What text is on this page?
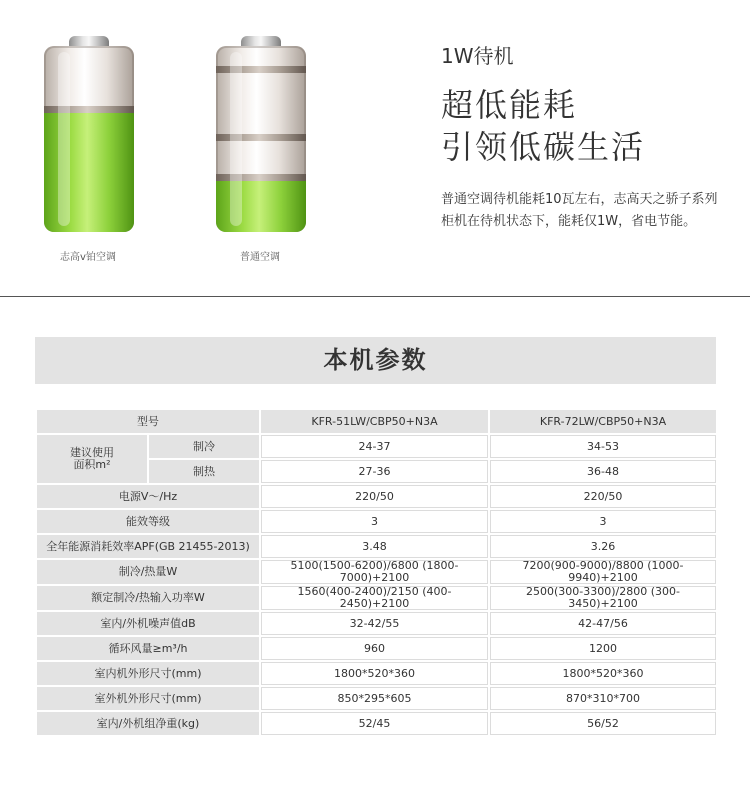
志高v铂空调	普通空调
1W待机
超低能耗
引领低碳生活
普通空调待机能耗10瓦左右，志高天之骄子系列柜机在待机状态下，能耗仅1W，省电节能。
本机参数
型号		KFR-51LW/CBP50+N3A	KFR-72LW/CBP50+N3A
建议使用
面积m²	制冷	24-37	34-53
	制热	27-36	36-48
电源V～/Hz		220/50	220/50
能效等级		3	3
全年能源消耗效率APF(GB 21455-2013)		3.48	3.26
制冷/热量W		5100(1500-6200)/6800 (1800-7000)+2100	7200(900-9000)/8800 (1000-9940)+2100
额定制冷/热输入功率W		1560(400-2400)/2150 (400-2450)+2100	2500(300-3300)/2800 (300-3450)+2100
室内/外机噪声值dB		32-42/55	42-47/56
循环风量≥m³/h		960	1200
室内机外形尺寸(mm)		1800*520*360	1800*520*360
室外机外形尺寸(mm)		850*295*605	870*310*700
室内/外机组净重(kg)		52/45	56/52
